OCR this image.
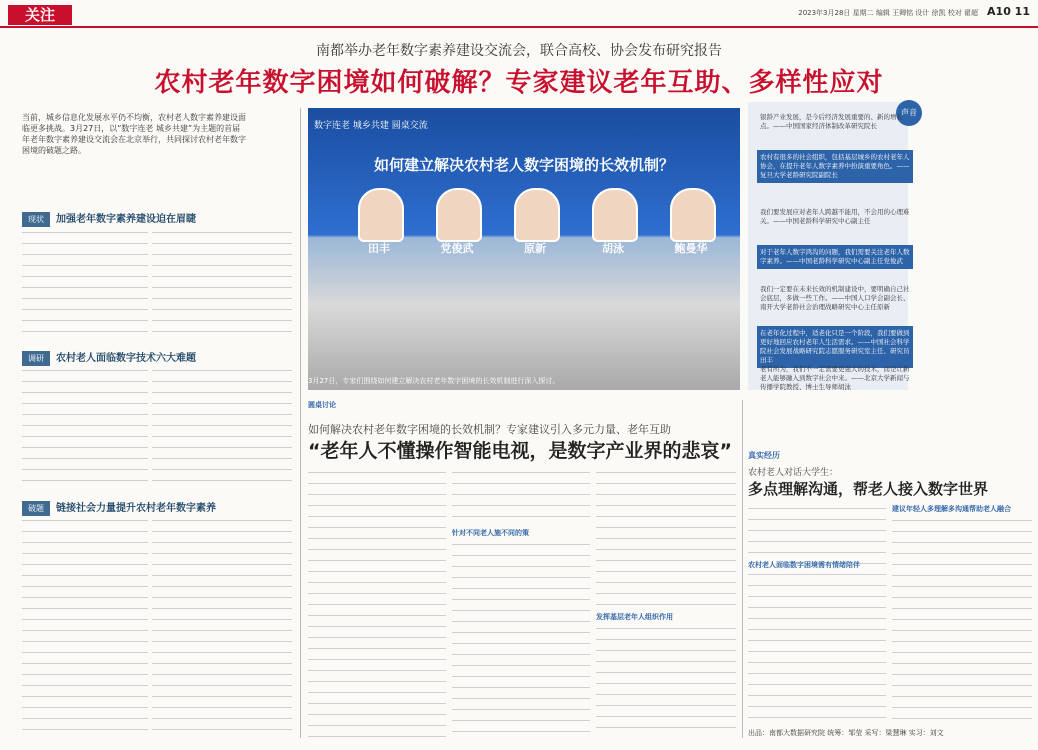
关注	2023年3月28日 星期二 编辑 王卿铭 设计 徐凯 校对 翟超 A10 11
南都举办老年数字素养建设交流会，联合高校、协会发布研究报告
农村老年数字困境如何破解？专家建议老年互助、多样性应对
当前，城乡信息化发展水平仍不均衡，农村老人数字素养建设面临更多挑战。3月27日，以“数字连老 城乡共建”为主题的首届年老年数字素养建设交流会在北京举行，共同探讨农村老年数字困境的破题之路。
现状 加强老年数字素养建设迫在眉睫
调研 农村老人面临数字技术六大难题
破题 链接社会力量提升农村老年数字素养
数字连老 城乡共建 圆桌交流
如何建立解决农村老人数字困境的长效机制？
田丰	党俊武	原新	胡泳	鲍曼华
3月27日，专家们围绕如何建立解决农村老年数字困境的长效机制进行深入探讨。
声音
银龄产业发展，是今后经济发展重要的、新的增长点。——中国国家经济体制改革研究院长
农村有很多的社会组织，包括基层城乡的农村老年人协会，在提升老年人数字素养中扮演重要角色。——复旦大学老龄研究院副院长
我们要发展应对老年人跨越不能用，不会用的心理难关。——中国老龄科学研究中心副主任
对于老年人数字鸿沟的问题，我们需要关注老年人数字素养。——中国老龄科学研究中心副主任党俊武
我们一定要在未来长效的机制建设中，要明确自己社会底层，多做一些工作。——中国人口学会副会长、南开大学老龄社会治理战略研究中心主任原新
在老年化过程中，适老化只是一个阶段，我们要做到更好地回应农村老年人生活需求。——中国社会科学院社会发展战略研究院志愿服务研究室主任、研究员田丰
老有所为，我们不一定需要更强大的技术，而是让新老人能够融入到数字社会中来。——北京大学新闻与传播学院教授、博士生导师胡泳
圆桌讨论
如何解决农村老年数字困境的长效机制？专家建议引入多元力量、老年互助
“老年人不懂操作智能电视，是数字产业界的悲哀”
针对不同老人施不同的策
发挥基层老年人组织作用
真实经历
农村老人对话大学生：
多点理解沟通，帮老人接入数字世界
建议年轻人多理解多沟通帮助老人融合
农村老人面临数字困境需有情绪陪伴
出品：南都大数据研究院 统筹：邹莹 采写：梁慧琳 实习：刘文
